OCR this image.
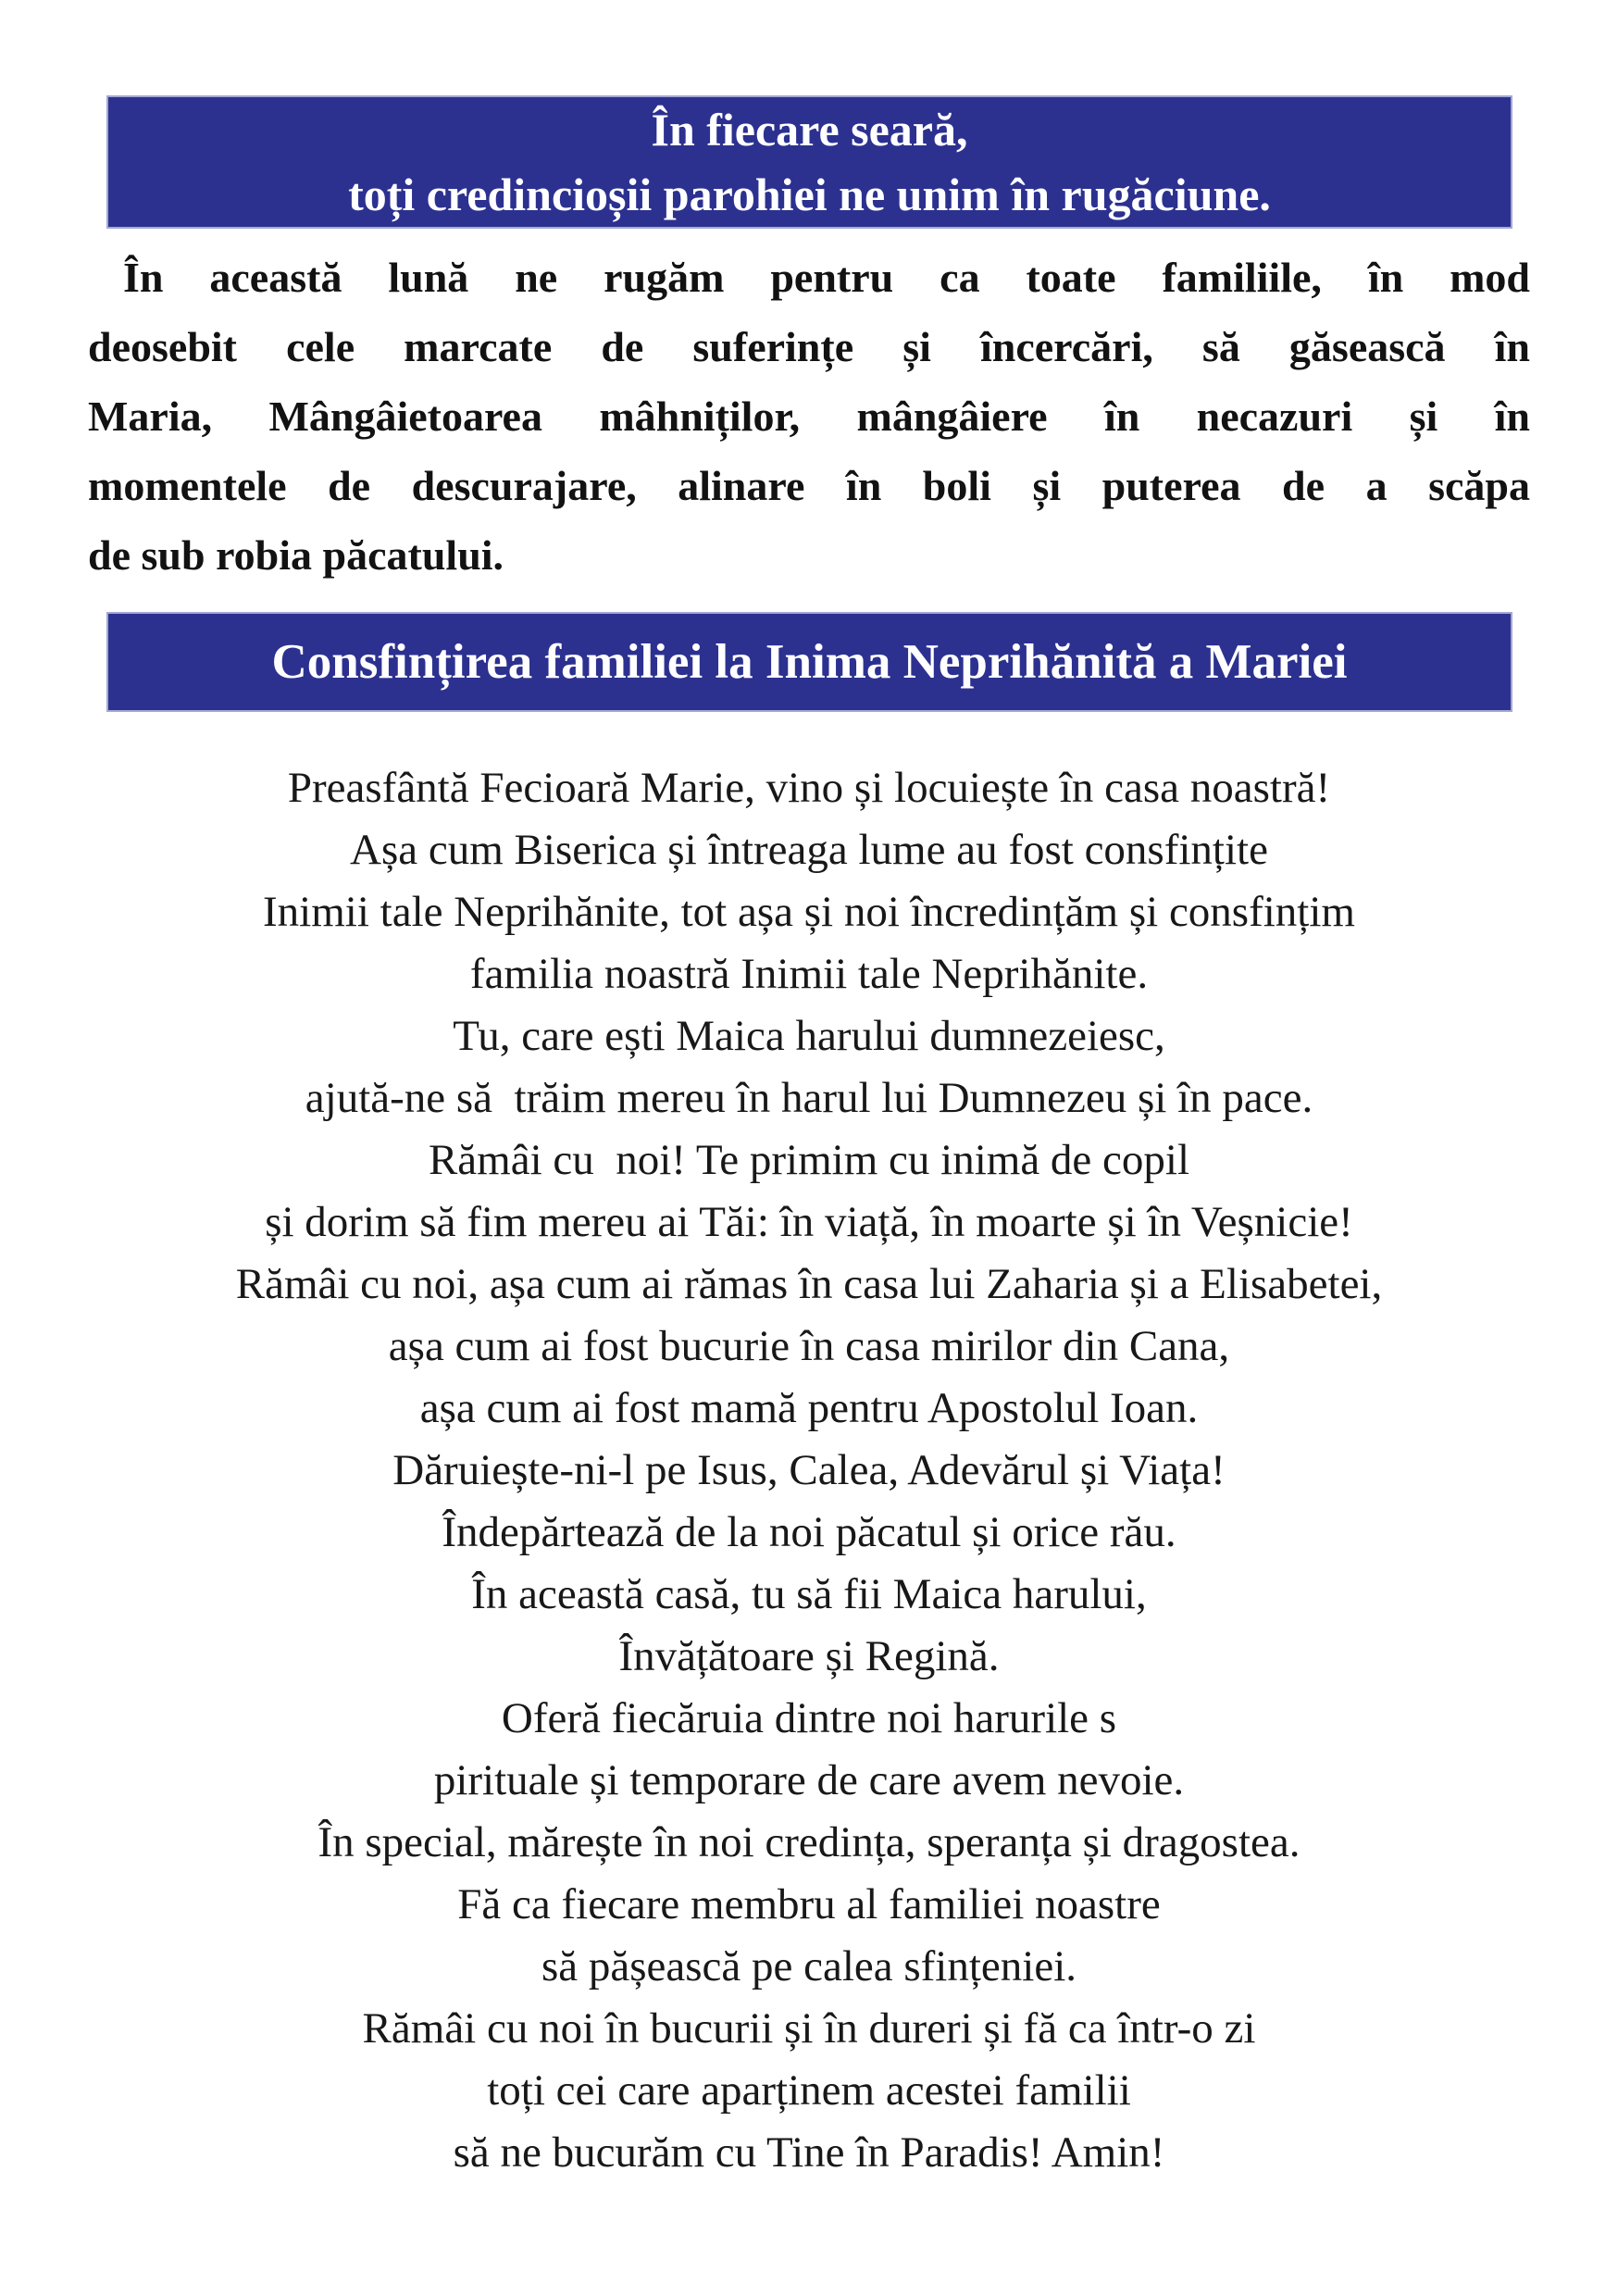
În fiecare seară,
toți credincioșii parohiei ne unim în rugăciune.
În această lună ne rugăm pentru ca toate familiile, în mod
deosebit cele marcate de suferințe și încercări, să găsească în
Maria, Mângâietoarea mâhniților, mângâiere în necazuri și în
momentele de descurajare, alinare în boli și puterea de a scăpa
de sub robia păcatului.
Consfințirea familiei la Inima Neprihănită a Mariei
Preasfântă Fecioară Marie, vino și locuiește în casa noastră!
Așa cum Biserica și întreaga lume au fost consfințite
Inimii tale Neprihănite, tot așa și noi încredințăm și consfințim
familia noastră Inimii tale Neprihănite.
Tu, care ești Maica harului dumnezeiesc,
ajută-ne să  trăim mereu în harul lui Dumnezeu și în pace.
Rămâi cu  noi! Te primim cu inimă de copil
și dorim să fim mereu ai Tăi: în viață, în moarte și în Veșnicie!
Rămâi cu noi, așa cum ai rămas în casa lui Zaharia și a Elisabetei,
așa cum ai fost bucurie în casa mirilor din Cana,
așa cum ai fost mamă pentru Apostolul Ioan.
Dăruiește-ni-l pe Isus, Calea, Adevărul și Viața!
Îndepărtează de la noi păcatul și orice rău.
În această casă, tu să fii Maica harului,
Învățătoare și Regină.
Oferă fiecăruia dintre noi harurile s
pirituale și temporare de care avem nevoie.
În special, mărește în noi credința, speranța și dragostea.
Fă ca fiecare membru al familiei noastre
să pășească pe calea sfințeniei.
Rămâi cu noi în bucurii și în dureri și fă ca într-o zi
toți cei care aparținem acestei familii
să ne bucurăm cu Tine în Paradis! Amin!
